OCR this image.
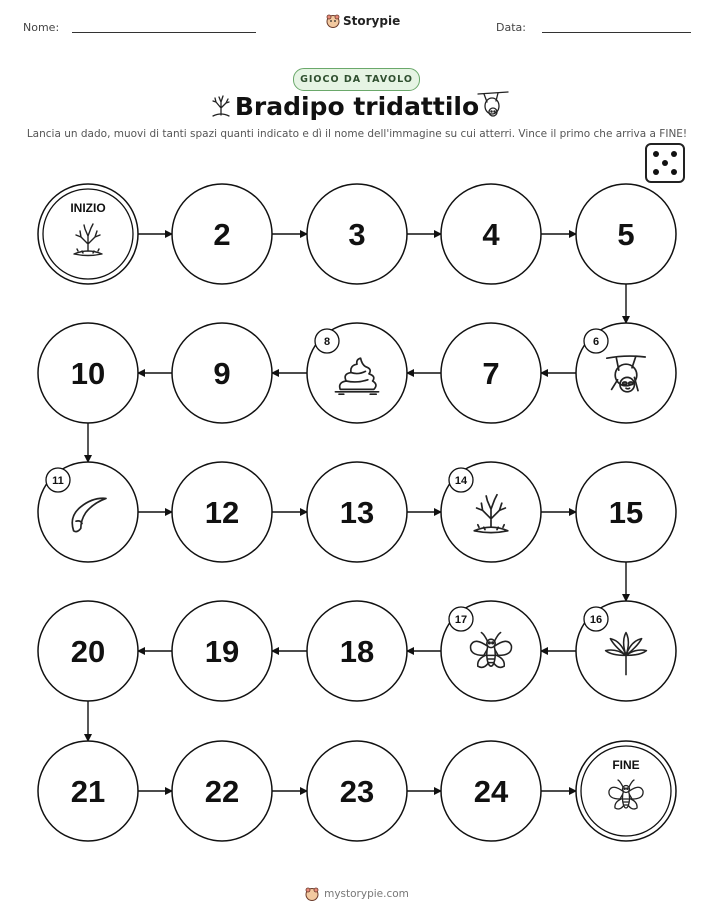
Nome:	Storypie	Data:
GIOCO DA TAVOLO
Bradipo tridattilo
Lancia un dado, muovi di tanti spazi quanti indicato e dì il nome dell'immagine su cui atterri. Vince il primo che arriva a FINE!
INIZIO
2	3	4	5
6
7
8
9
10
11
12	13
14
15
16
17
18
19
20
21	22	23	24
FINE
mystorypie.com
